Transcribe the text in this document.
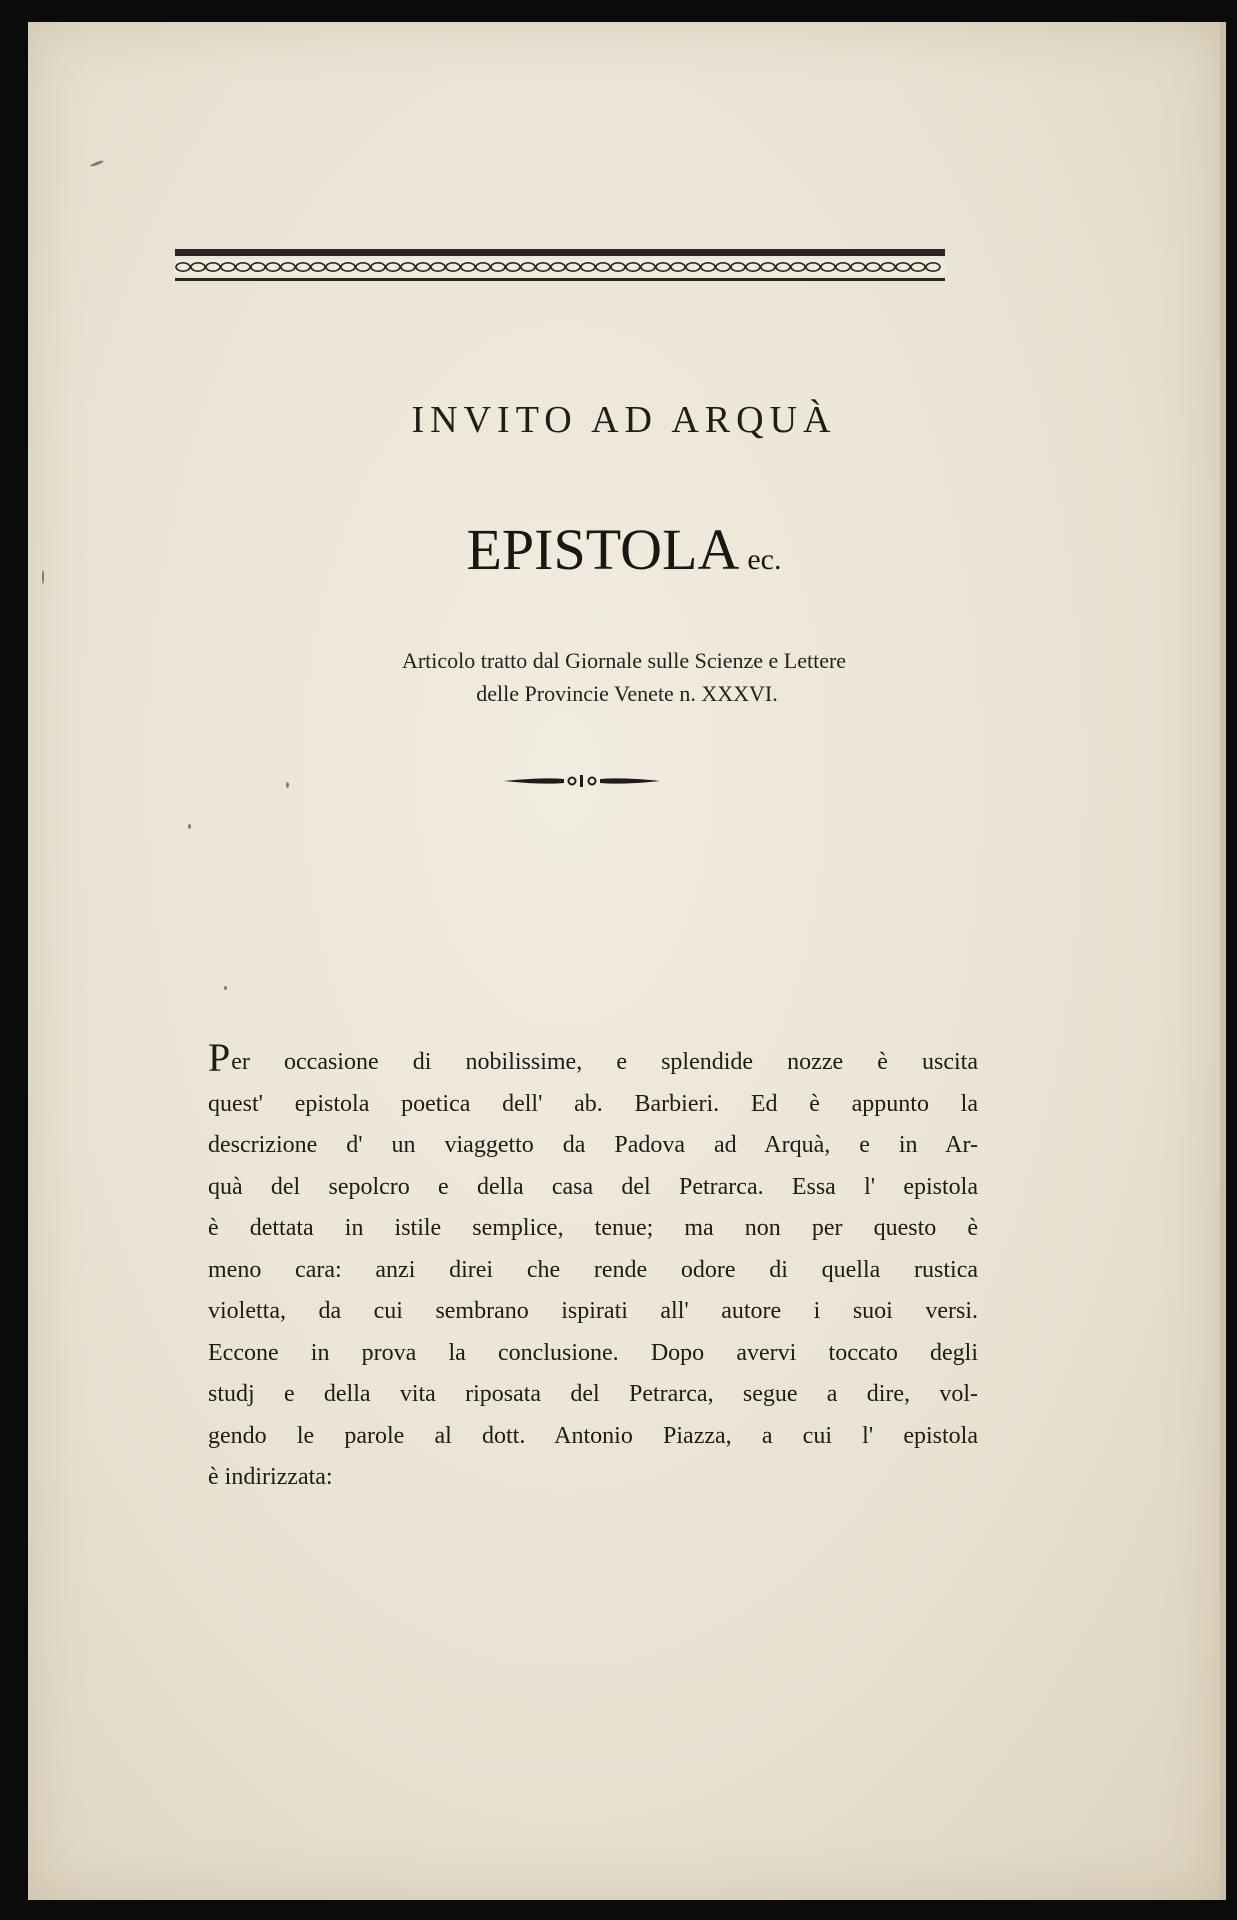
INVITO AD ARQUÀ
EPISTOLA ec.
Articolo tratto dal Giornale sulle Scienze e Lettere
delle Provincie Venete n. XXXVI.
Per occasione di nobilissime, e splendide nozze è uscita
quest' epistola poetica dell' ab. Barbieri. Ed è appunto la
descrizione d' un viaggetto da Padova ad Arquà, e in Ar-
quà del sepolcro e della casa del Petrarca. Essa l' epistola
è dettata in istile semplice, tenue; ma non per questo è
meno cara: anzi direi che rende odore di quella rustica
violetta, da cui sembrano ispirati all' autore i suoi versi.
Eccone in prova la conclusione. Dopo avervi toccato degli
studj e della vita riposata del Petrarca, segue a dire, vol-
gendo le parole al dott. Antonio Piazza, a cui l' epistola
è indirizzata:
